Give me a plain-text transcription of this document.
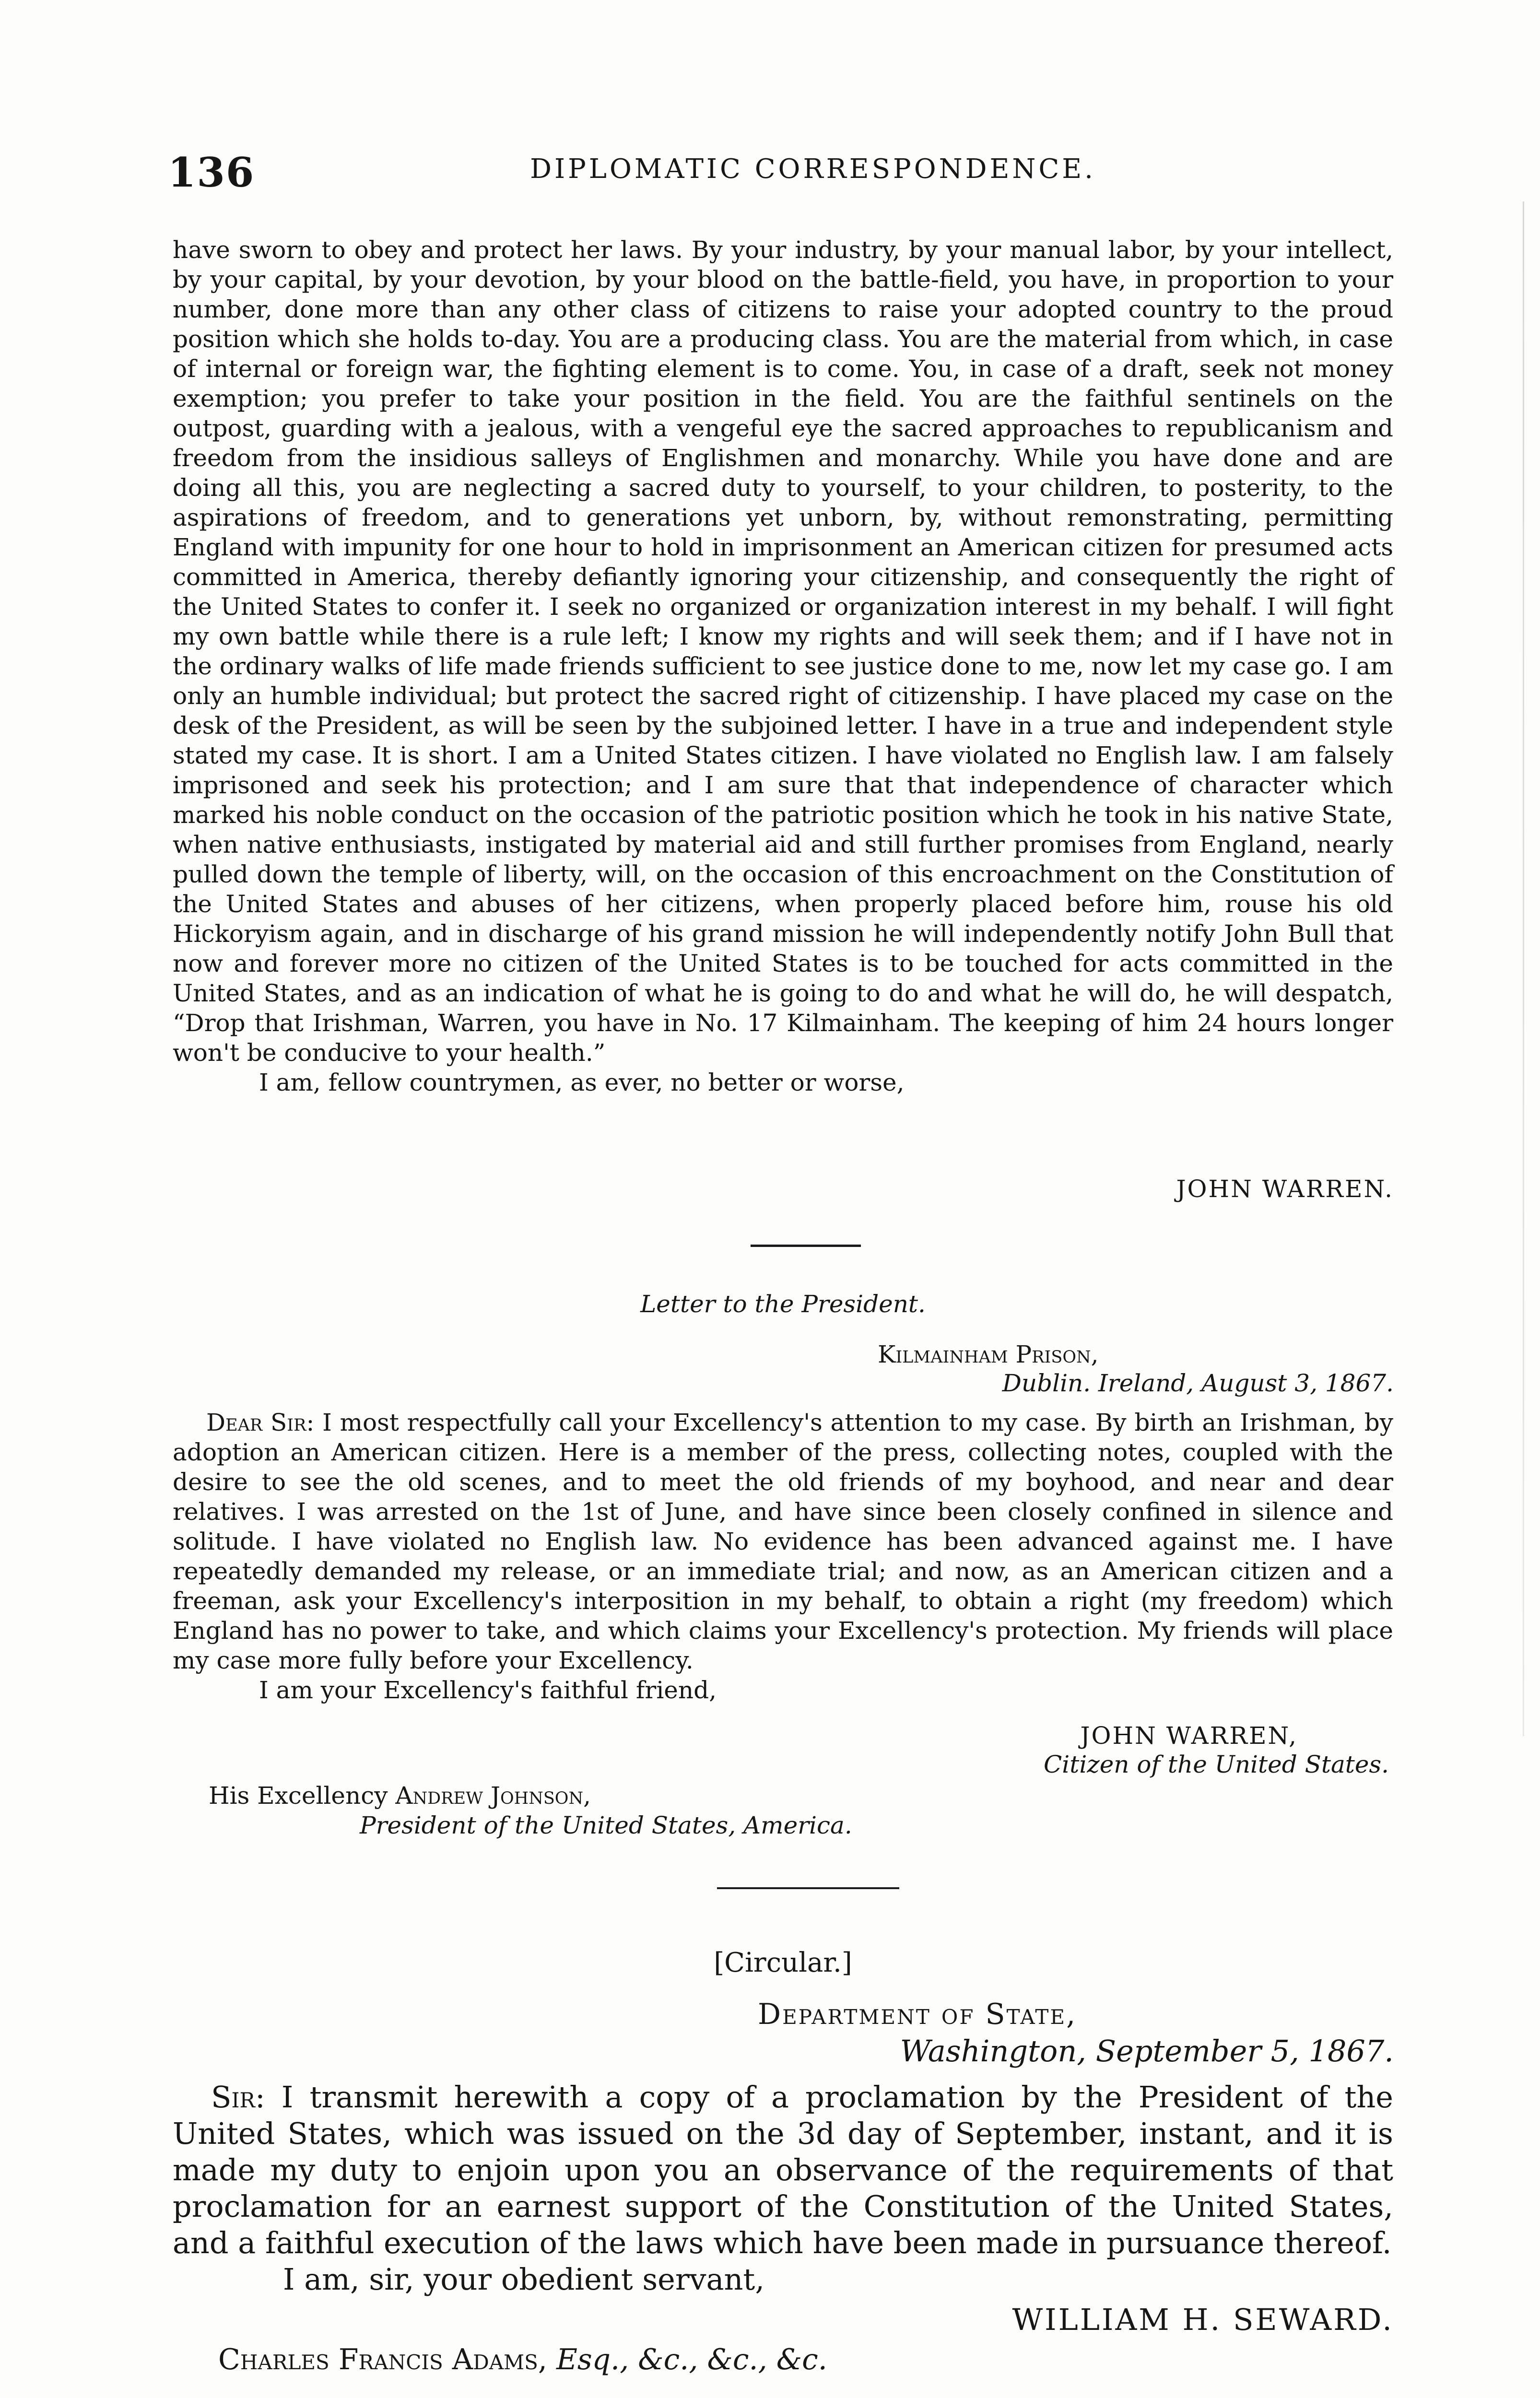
136	DIPLOMATIC CORRESPONDENCE.

have sworn to obey and protect her laws. By your industry, by your manual labor, by your intellect, by your capital, by your devotion, by your blood on the battle-field, you have, in proportion to your number, done more than any other class of citizens to raise your adopted country to the proud position which she holds to-day. You are a producing class. You are the material from which, in case of internal or foreign war, the fighting element is to come. You, in case of a draft, seek not money exemption; you prefer to take your position in the field. You are the faithful sentinels on the outpost, guarding with a jealous, with a vengeful eye the sacred approaches to republicanism and freedom from the insidious salleys of Englishmen and monarchy. While you have done and are doing all this, you are neglecting a sacred duty to yourself, to your children, to posterity, to the aspirations of freedom, and to generations yet unborn, by, without remonstrating, permitting England with impunity for one hour to hold in imprisonment an American citizen for presumed acts committed in America, thereby defiantly ignoring your citizenship, and consequently the right of the United States to confer it. I seek no organized or organization interest in my behalf. I will fight my own battle while there is a rule left; I know my rights and will seek them; and if I have not in the ordinary walks of life made friends sufficient to see justice done to me, now let my case go. I am only an humble individual; but protect the sacred right of citizenship. I have placed my case on the desk of the President, as will be seen by the subjoined letter. I have in a true and independent style stated my case. It is short. I am a United States citizen. I have violated no English law. I am falsely imprisoned and seek his protection; and I am sure that that independence of character which marked his noble conduct on the occasion of the patriotic position which he took in his native State, when native enthusiasts, instigated by material aid and still further promises from England, nearly pulled down the temple of liberty, will, on the occasion of this encroachment on the Constitution of the United States and abuses of her citizens, when properly placed before him, rouse his old Hickoryism again, and in discharge of his grand mission he will independently notify John Bull that now and forever more no citizen of the United States is to be touched for acts committed in the United States, and as an indication of what he is going to do and what he will do, he will despatch, “Drop that Irishman, Warren, you have in No. 17 Kilmainham. The keeping of him 24 hours longer won't be conducive to your health.”

I am, fellow countrymen, as ever, no better or worse,

JOHN WARREN.
Letter to the President.
Kilmainham Prison,
Dublin. Ireland, August 3, 1867.

Dear Sir: I most respectfully call your Excellency's attention to my case. By birth an Irishman, by adoption an American citizen. Here is a member of the press, collecting notes, coupled with the desire to see the old scenes, and to meet the old friends of my boyhood, and near and dear relatives. I was arrested on the 1st of June, and have since been closely confined in silence and solitude. I have violated no English law. No evidence has been advanced against me. I have repeatedly demanded my release, or an immediate trial; and now, as an American citizen and a freeman, ask your Excellency's interposition in my behalf, to obtain a right (my freedom) which England has no power to take, and which claims your Excellency's protection. My friends will place my case more fully before your Excellency.

I am your Excellency's faithful friend,

JOHN WARREN,
Citizen of the United States.
His Excellency Andrew Johnson,
President of the United States, America.
[Circular.]
Department of State,
Washington, September 5, 1867.

Sir: I transmit herewith a copy of a proclamation by the President of the United States, which was issued on the 3d day of September, instant, and it is made my duty to enjoin upon you an observance of the requirements of that proclamation for an earnest support of the Constitution of the United States, and a faithful execution of the laws which have been made in pursuance thereof.

I am, sir, your obedient servant,

WILLIAM H. SEWARD.
Charles Francis Adams, Esq., &c., &c., &c.
